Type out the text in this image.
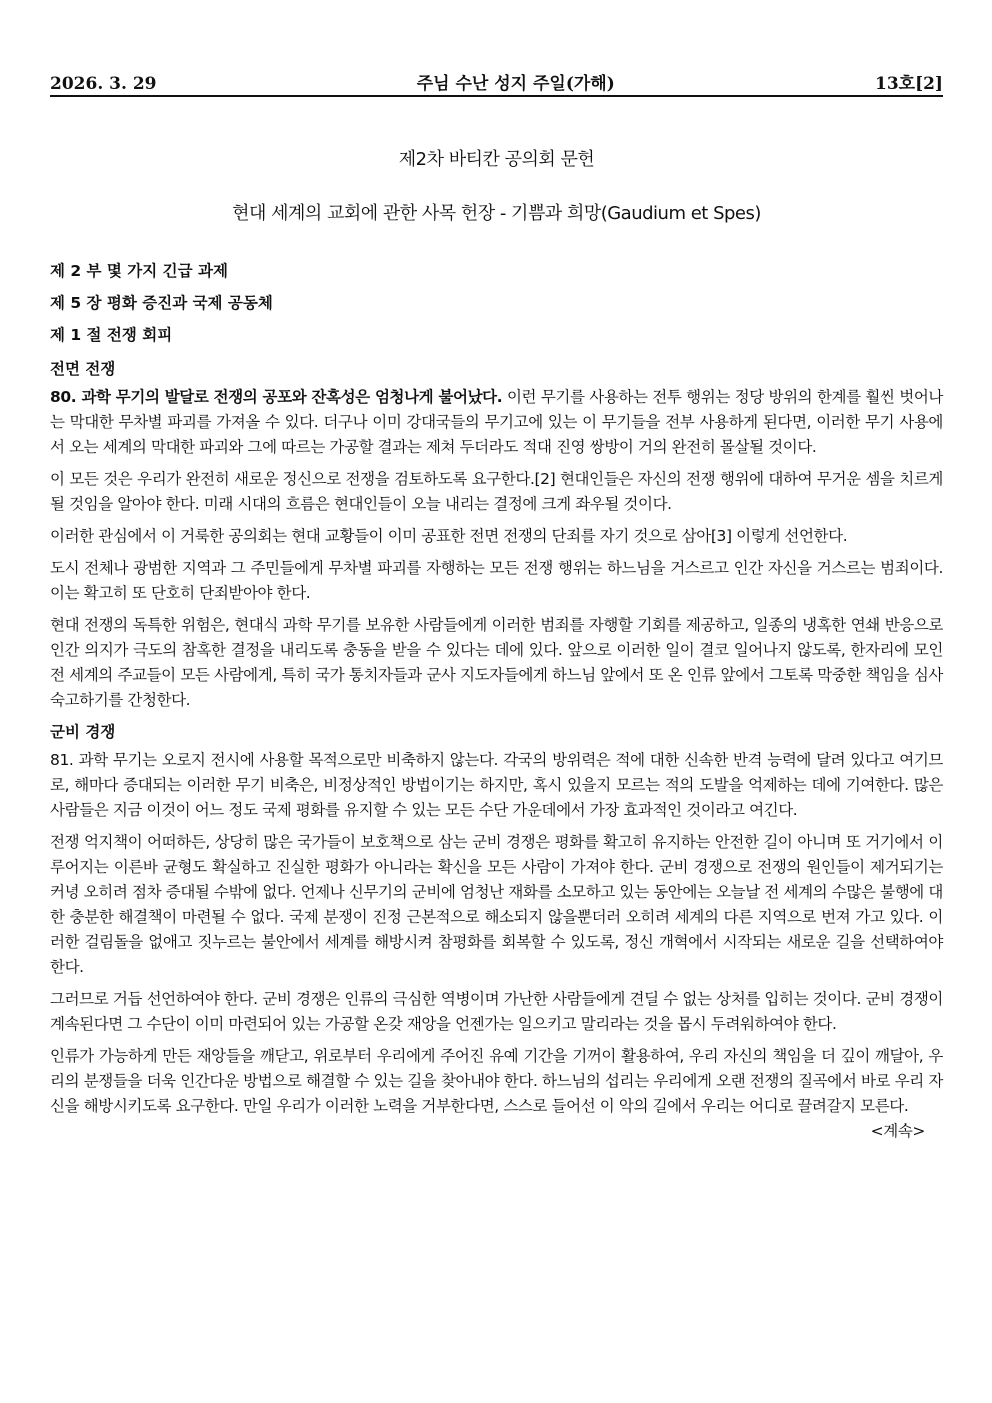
2026. 3. 29	주님 수난 성지 주일(가해)	13호[2]
제2차 바티칸 공의회 문헌
현대 세계의 교회에 관한 사목 헌장 - 기쁨과 희망(Gaudium et Spes)
제 2 부 몇 가지 긴급 과제
제 5 장 평화 증진과 국제 공동체
제 1 절 전쟁 회피
전면 전쟁

80. 과학 무기의 발달로 전쟁의 공포와 잔혹성은 엄청나게 불어났다. 이런 무기를 사용하는 전투 행위는 정당 방위의 한계를 훨씬 벗어나는 막대한 무차별 파괴를 가져올 수 있다. 더구나 이미 강대국들의 무기고에 있는 이 무기들을 전부 사용하게 된다면, 이러한 무기 사용에서 오는 세계의 막대한 파괴와 그에 따르는 가공할 결과는 제쳐 두더라도 적대 진영 쌍방이 거의 완전히 몰살될 것이다.

이 모든 것은 우리가 완전히 새로운 정신으로 전쟁을 검토하도록 요구한다.[2] 현대인들은 자신의 전쟁 행위에 대하여 무거운 셈을 치르게 될 것임을 알아야 한다. 미래 시대의 흐름은 현대인들이 오늘 내리는 결정에 크게 좌우될 것이다.

이러한 관심에서 이 거룩한 공의회는 현대 교황들이 이미 공표한 전면 전쟁의 단죄를 자기 것으로 삼아[3] 이렇게 선언한다.

도시 전체나 광범한 지역과 그 주민들에게 무차별 파괴를 자행하는 모든 전쟁 행위는 하느님을 거스르고 인간 자신을 거스르는 범죄이다. 이는 확고히 또 단호히 단죄받아야 한다.

현대 전쟁의 독특한 위험은, 현대식 과학 무기를 보유한 사람들에게 이러한 범죄를 자행할 기회를 제공하고, 일종의 냉혹한 연쇄 반응으로 인간 의지가 극도의 참혹한 결정을 내리도록 충동을 받을 수 있다는 데에 있다. 앞으로 이러한 일이 결코 일어나지 않도록, 한자리에 모인 전 세계의 주교들이 모든 사람에게, 특히 국가 통치자들과 군사 지도자들에게 하느님 앞에서 또 온 인류 앞에서 그토록 막중한 책임을 심사 숙고하기를 간청한다.

군비 경쟁

81. 과학 무기는 오로지 전시에 사용할 목적으로만 비축하지 않는다. 각국의 방위력은 적에 대한 신속한 반격 능력에 달려 있다고 여기므로, 해마다 증대되는 이러한 무기 비축은, 비정상적인 방법이기는 하지만, 혹시 있을지 모르는 적의 도발을 억제하는 데에 기여한다. 많은 사람들은 지금 이것이 어느 정도 국제 평화를 유지할 수 있는 모든 수단 가운데에서 가장 효과적인 것이라고 여긴다.

전쟁 억지책이 어떠하든, 상당히 많은 국가들이 보호책으로 삼는 군비 경쟁은 평화를 확고히 유지하는 안전한 길이 아니며 또 거기에서 이루어지는 이른바 균형도 확실하고 진실한 평화가 아니라는 확신을 모든 사람이 가져야 한다. 군비 경쟁으로 전쟁의 원인들이 제거되기는커녕 오히려 점차 증대될 수밖에 없다. 언제나 신무기의 군비에 엄청난 재화를 소모하고 있는 동안에는 오늘날 전 세계의 수많은 불행에 대한 충분한 해결책이 마련될 수 없다. 국제 분쟁이 진정 근본적으로 해소되지 않을뿐더러 오히려 세계의 다른 지역으로 번져 가고 있다. 이러한 걸림돌을 없애고 짓누르는 불안에서 세계를 해방시켜 참평화를 회복할 수 있도록, 정신 개혁에서 시작되는 새로운 길을 선택하여야 한다.

그러므로 거듭 선언하여야 한다. 군비 경쟁은 인류의 극심한 역병이며 가난한 사람들에게 견딜 수 없는 상처를 입히는 것이다. 군비 경쟁이 계속된다면 그 수단이 이미 마련되어 있는 가공할 온갖 재앙을 언젠가는 일으키고 말리라는 것을 몹시 두려워하여야 한다.

인류가 가능하게 만든 재앙들을 깨닫고, 위로부터 우리에게 주어진 유예 기간을 기꺼이 활용하여, 우리 자신의 책임을 더 깊이 깨달아, 우리의 분쟁들을 더욱 인간다운 방법으로 해결할 수 있는 길을 찾아내야 한다. 하느님의 섭리는 우리에게 오랜 전쟁의 질곡에서 바로 우리 자신을 해방시키도록 요구한다. 만일 우리가 이러한 노력을 거부한다면, 스스로 들어선 이 악의 길에서 우리는 어디로 끌려갈지 모른다.
<계속>
